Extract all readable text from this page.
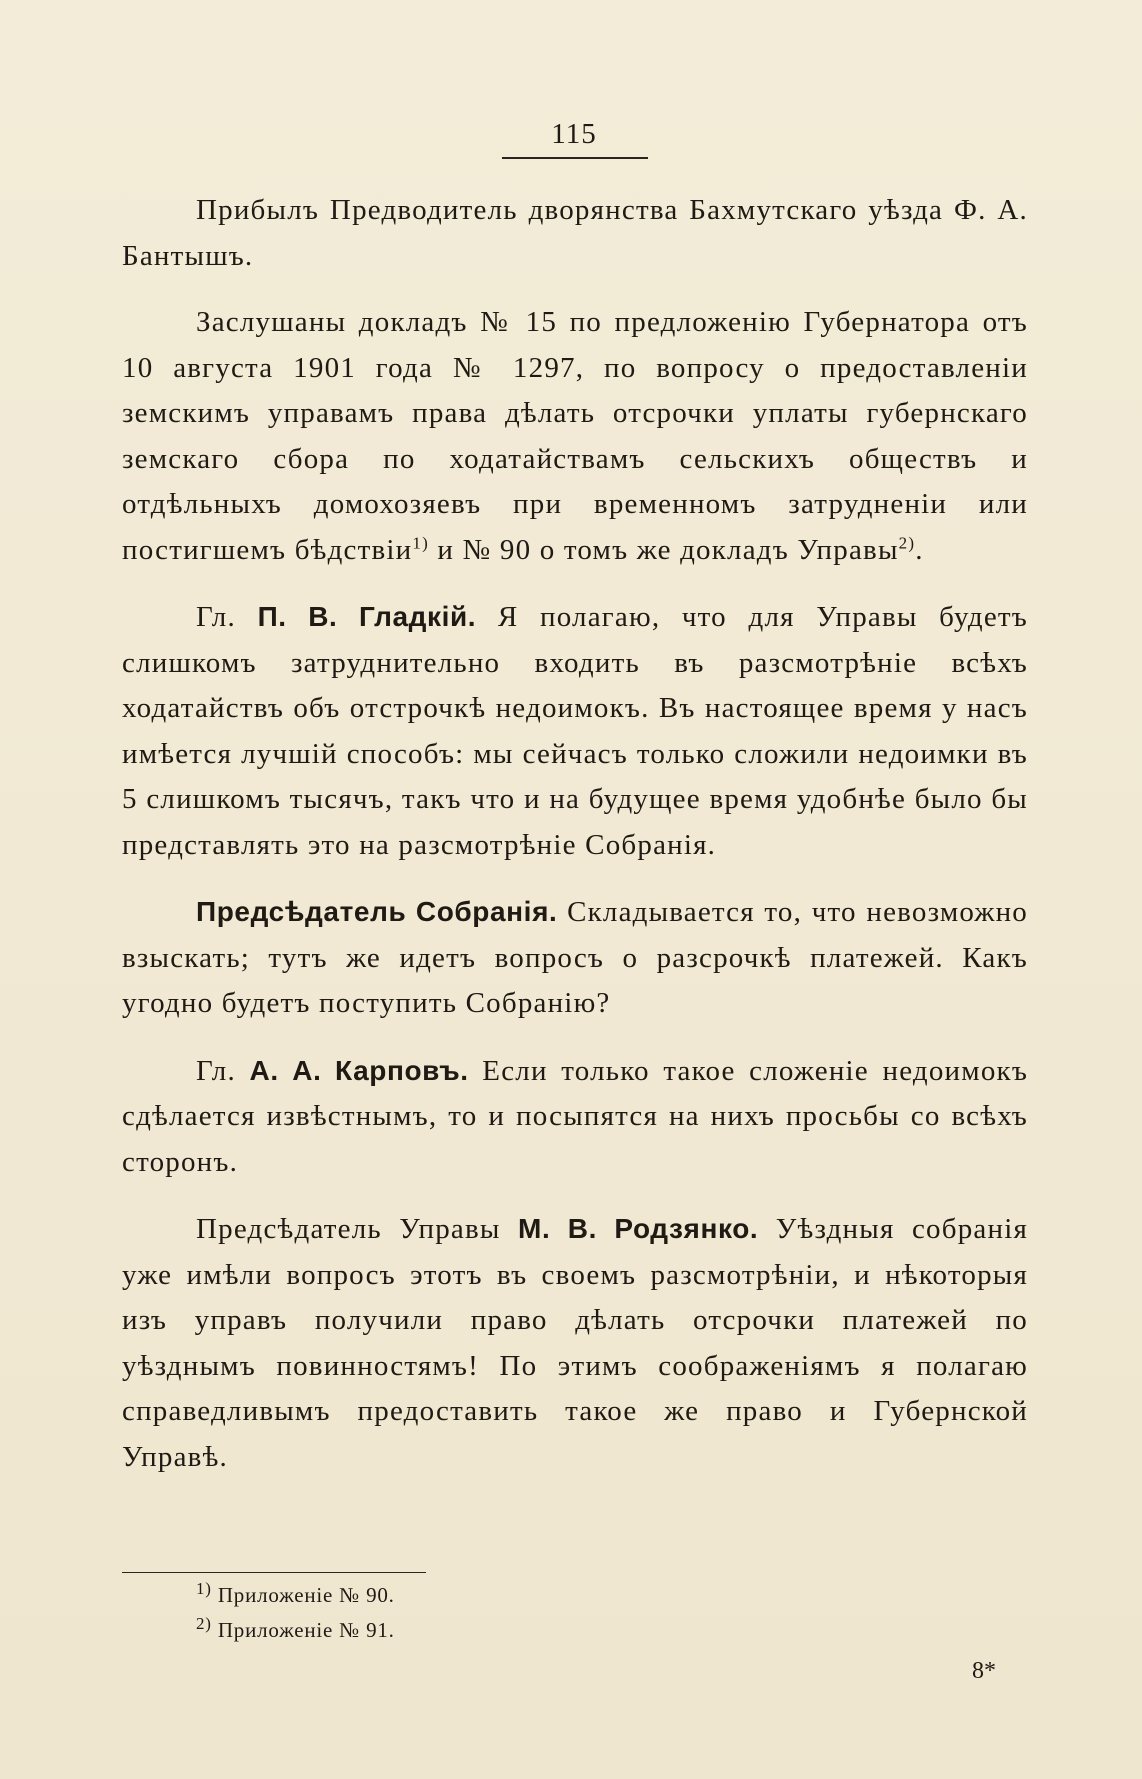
115

Прибылъ Предводитель дворянства Бахмутскаго уѣзда Ф. А. Бантышъ.

Заслушаны докладъ № 15 по предложенію Губернатора отъ 10 августа 1901 года № 1297, по вопросу о предоставленіи земскимъ управамъ права дѣлать отсрочки уплаты губернскаго земскаго сбора по ходатайствамъ сельскихъ обществъ и отдѣльныхъ домохозяевъ при временномъ затрудненіи или постигшемъ бѣдствіи$^{1)}$ и № 90 о томъ же докладъ Управы$^{2)}$.

Гл. П. В. Гладкій. Я полагаю, что для Управы будетъ слишкомъ затруднительно входить въ разсмотрѣніе всѣхъ ходатайствъ объ отстрочкѣ недоимокъ. Въ настоящее время у насъ имѣется лучшій способъ: мы сейчасъ только сложили недоимки въ 5 слишкомъ тысячъ, такъ что и на будущее время удобнѣе было бы представлять это на разсмотрѣніе Собранія.

Предсѣдатель Собранія. Складывается то, что невозможно взыскать; тутъ же идетъ вопросъ о разсрочкѣ платежей. Какъ угодно будетъ поступить Собранію?

Гл. А. А. Карповъ. Если только такое сложеніе недоимокъ сдѣлается извѣстнымъ, то и посыпятся на нихъ просьбы со всѣхъ сторонъ.

Предсѣдатель Управы М. В. Родзянко. Уѣздныя собранія уже имѣли вопросъ этотъ въ своемъ разсмотрѣніи, и нѣкоторыя изъ управъ получили право дѣлать отсрочки платежей по уѣзднымъ повинностямъ! По этимъ соображеніямъ я полагаю справедливымъ предоставить такое же право и Губернской Управѣ.

$^{1)}$ Приложеніе № 90.
$^{2)}$ Приложеніе № 91.
8*
